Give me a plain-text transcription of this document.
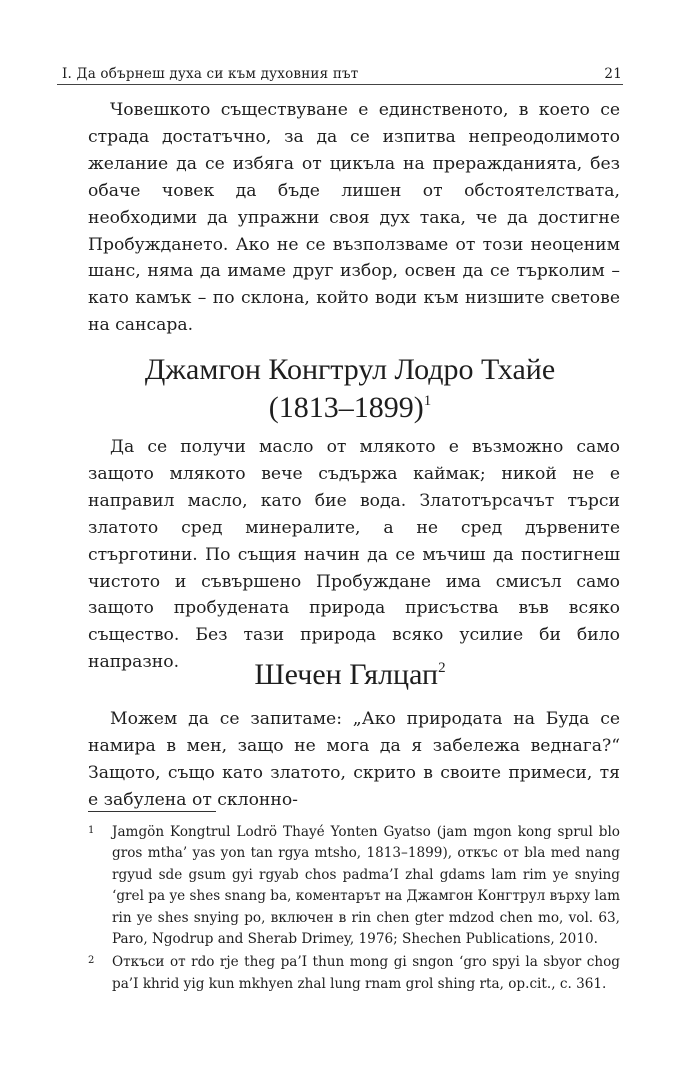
I. Да обърнеш духа си към духовния път	21

Човешкото съществуване е единственото, в което се страда достатъчно, за да се изпитва непреодолимото желание да се избяга от цикъла на преражданията, без обаче човек да бъде лишен от обстоятелствата, необходими да упражни своя дух така, че да достигне Пробуждането. Ако не се възползваме от този неоценим шанс, няма да имаме друг избор, освен да се търколим – като камък – по склона, който води към низшите светове на сансара.

Джамгон Конгтрул Лодро Тхайе
(1813–1899)$^1$

Да се получи масло от млякото е възможно само защото млякото вече съдържа каймак; никой не е направил масло, като бие вода. Златотърсачът търси златото сред минералите, а не сред дървените стърготини. По същия начин да се мъчиш да постигнеш чистото и съвършено Пробуждане има смисъл само защото пробудената природа присъства във всяко същество. Без тази природа всяко усилие би било напразно.	Шечен Гялцап$^2$

Можем да се запитаме: „Ако природата на Буда се намира в мен, защо не мога да я забележа веднага?“ Защото, също като златото, скрито в своите примеси, тя е забулена от склонно-

1	Jamgön Kongtrul Lodrö Thayé Yonten Gyatso (jam mgon kong sprul blo gros mtha’ yas yon tan rgya mtsho, 1813–1899), откъс от bla med nang rgyud sde gsum gyi rgyab chos padma’I zhal gdams lam rim ye snying ‘grel pa ye shes snang ba, коментарът на Джамгон Конгтрул върху lam rin ye shes snying po, включен в rin chen gter mdzod chen mo, vol. 63, Paro, Ngodrup and Sherab Drimey, 1976; Shechen Publications, 2010.
2	Откъси от rdo rje theg pa’I thun mong gi sngon ‘gro spyi la sbyor chog pa’I khrid yig kun mkhyen zhal lung rnam grol shing rta, op.cit., с. 361.
